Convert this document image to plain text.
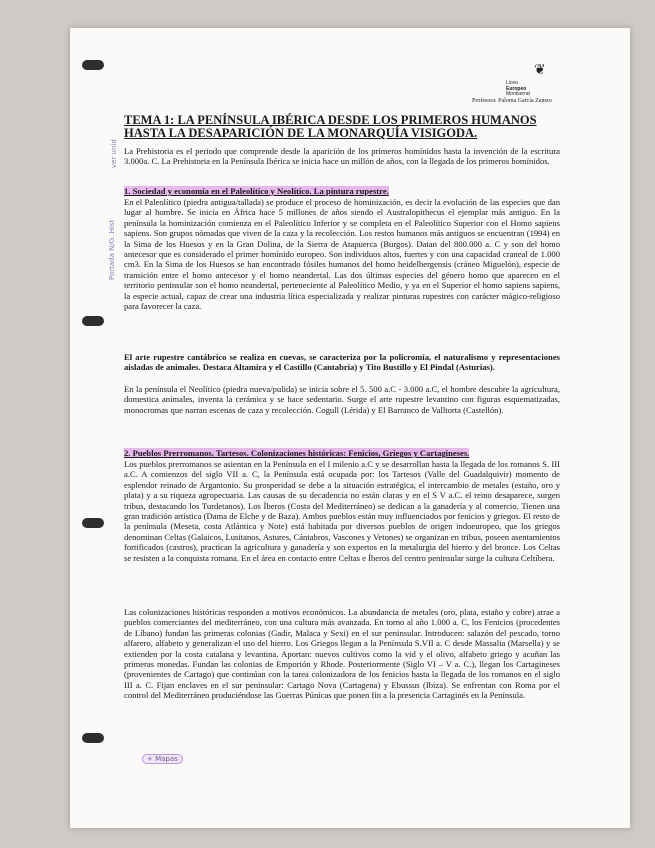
❦
Liceo
Europeo
Montserrat
Profesora: Paloma García Zamzo
ver unid
Portada N/G. Hist
TEMA 1: LA PENÍNSULA IBÉRICA DESDE LOS PRIMEROS HUMANOS HASTA LA DESAPARICIÓN DE LA MONARQUÍA VISIGODA.
La Prehistoria es el periodo que comprende desde la aparición de los primeros homínidos hasta la invención de la escritura 3.000a. C. La Prehistoria en la Península Ibérica se inicia hace un millón de años, con la llegada de los primeros homínidos.
1. Sociedad y economía en el Paleolítico y Neolítico. La pintura rupestre.
En el Paleolítico (piedra antigua/tallada) se produce el proceso de hominización, es decir la evolución de las especies que dan lugar al hombre. Se inicia en África hace 5 millones de años siendo el Australopithecus el ejemplar más antiguo. En la península la hominización comienza en el Paleolítico Inferior y se completa en el Paleolítico Superior con el Homo sapiens sapiens. Son grupos nómadas que viven de la caza y la recolección. Los restos humanos más antiguos se encuentran (1994) en la Sima de los Huesos y en la Gran Dolina, de la Sierra de Atapuerca (Burgos). Datan del 800.000 a. C y son del homo antecesor que es considerado el primer homínido europeo. Son individuos altos, fuertes y con una capacidad craneal de 1.000 cm3. En la Sima de los Huesos se han encontrado fósiles humanos del homo heidelbergensis (cráneo Miguelón), especie de transición entre el homo antecesor y el homo neandertal. Las dos últimas especies del género homo que aparecen en el territorio peninsular son el homo neandertal, perteneciente al Paleolítico Medio, y ya en el Superior el homo sapiens sapiens, la especie actual, capaz de crear una industria lítica especializada y realizar pinturas rupestres con carácter mágico-religioso para favorecer la caza.
El arte rupestre cantábrico se realiza en cuevas, se caracteriza por la policromía, el naturalismo y representaciones aisladas de animales. Destaca Altamira y el Castillo (Cantabria) y Tito Bustillo y El Pindal (Asturias).
En la península el Neolítico (piedra nueva/pulida) se inicia sobre el 5. 500 a.C - 3.000 a.C, el hombre descubre la agricultura, domestica animales, inventa la cerámica y se hace sedentario. Surge el arte rupestre levantino con figuras esquematizadas, monocromas que narran escenas de caza y recolección. Cogull (Lérida) y El Barranco de Valltorta (Castellón).
2. Pueblos Prerromanos. Tartesos. Colonizaciones históricas: Fenicios, Griegos y Cartagineses.
Los pueblos prerromanos se asientan en la Península en el I milenio a.C y se desarrollan hasta la llegada de los romanos S. III a.C. A comienzos del siglo VII a. C, la Península está ocupada por: los Tartesos (Valle del Guadalquivir) momento de esplendor reinado de Argantonio. Su prosperidad se debe a la situación estratégica, el intercambio de metales (estaño, oro y plata) y a su riqueza agropecuaria. Las causas de su decadencia no están claras y en el S V a.C. el reino desaparece, surgen tribus, destacando los Turdetanos). Los Íberos (Costa del Mediterráneo) se dedican a la ganadería y al comercio. Tienen una gran tradición artística (Dama de Elche y de Baza). Ambos pueblos están muy influenciados por fenicios y griegos. El resto de la península (Meseta, costa Atlántica y Note) está habitada por diversos pueblos de origen indoeuropeo, que los griegos denominan Celtas (Galaicos, Lusitanos, Astures, Cántabros, Vascones y Vetones) se organizan en tribus, poseen asentamientos fortificados (castros), practican la agricultura y ganadería y son expertos en la metalurgia del hierro y del bronce. Los Celtas se resisten a la conquista romana. En el área en contacto entre Celtas e Íberos del centro peninsular surge la cultura Celtíbera.
Las colonizaciones históricas responden a motivos económicos. La abundancia de metales (oro, plata, estaño y cobre) atrae a pueblos comerciantes del mediterráneo, con una cultura más avanzada. En torno al año 1.000 a. C, los Fenicios (procedentes de Líbano) fundan las primeras colonias (Gadir, Malaca y Sexi) en el sur peninsular. Introducen: salazón del pescado, torno alfarero, alfabeto y generalizan el uso del hierro. Los Griegos llegan a la Península S.VII a. C desde Massalia (Marsella) y se extienden por la costa catalana y levantina. Aportan: nuevos cultivos como la vid y el olivo, alfabeto griego y acuñan las primeras monedas. Fundan las colonias de Emporión y Rhode. Posteriormente (Siglo VI – V a. C.), llegan los Cartagineses (provenientes de Cartago) que continúan con la tarea colonizadora de los fenicios hasta la llegada de los romanos en el siglo III a. C. Fijan enclaves en el sur peninsular: Cartago Nova (Cartagena) y Ebussus (Ibiza). Se enfrentan con Roma por el control del Mediterráneo produciéndose las Guerras Púnicas que ponen fin a la presencia Cartaginés en la Península.
+ Mapas
